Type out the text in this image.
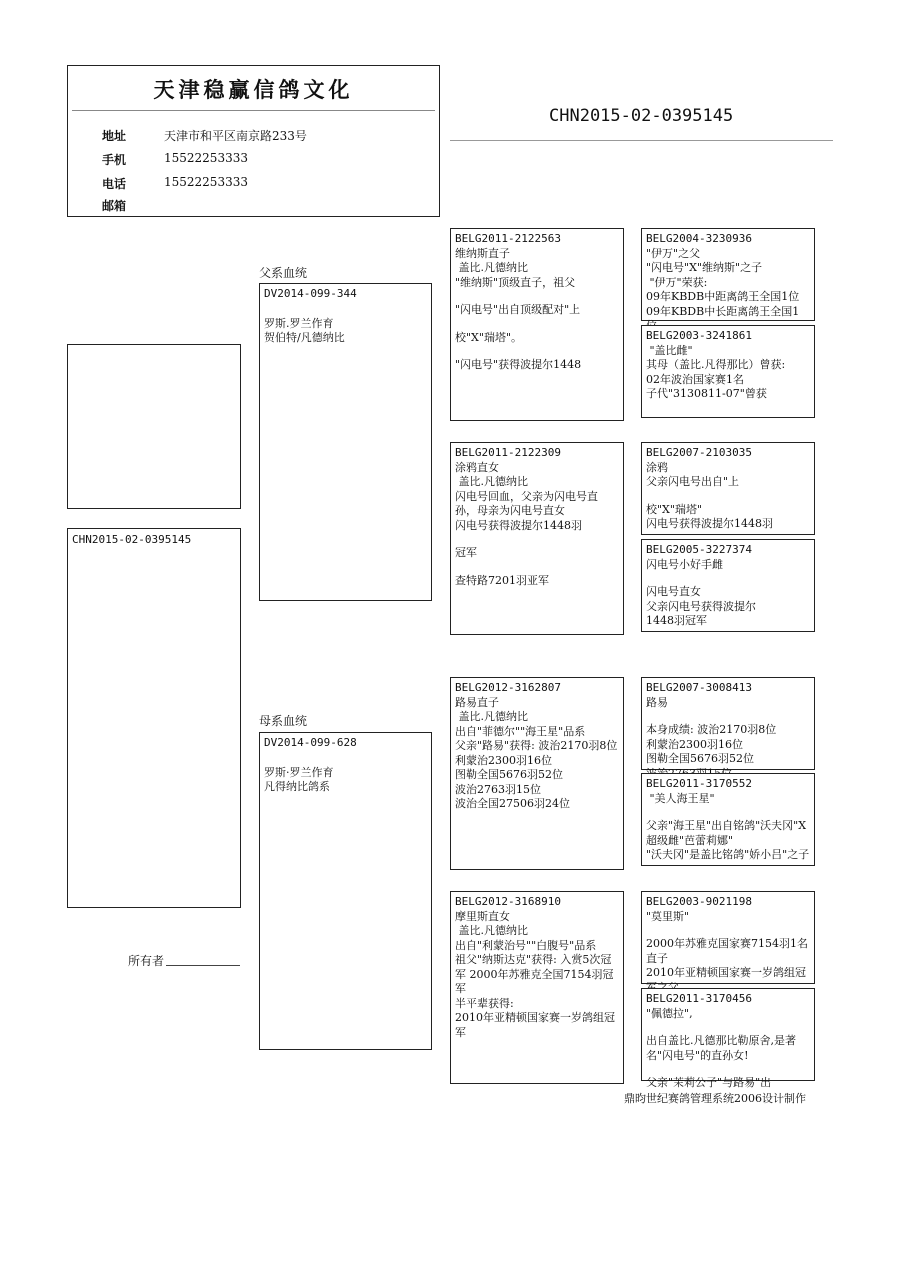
天津稳赢信鸽文化
地址	天津市和平区南京路233号
手机	15522253333
电话	15522253333
邮箱
CHN2015-02-0395145
CHN2015-02-0395145
所有者
父系血统
母系血统
DV2014-099-344
罗斯.罗兰作育
贺伯特/凡德纳比
DV2014-099-628
罗斯·罗兰作育
凡得纳比鸽系
BELG2011-2122563
维纳斯直子
盖比.凡德纳比
"维纳斯"顶级直子，祖父
"闪电号"出自顶级配对"上
校"X"瑞塔"。
"闪电号"获得波提尔1448
BELG2011-2122309
涂鸦直女
盖比.凡德纳比
闪电号回血，父亲为闪电号直孙，母亲为闪电号直女
闪电号获得波提尔1448羽
冠军
查特路7201羽亚军
BELG2012-3162807
路易直子
盖比.凡德纳比
出自"菲德尔""海王星"品系
父亲"路易"获得: 波治2170羽8位
利蒙治2300羽16位
图勒全国5676羽52位
波治2763羽15位
波治全国27506羽24位
BELG2012-3168910
摩里斯直女
盖比.凡德纳比
出自"利蒙治号""白腹号"品系
祖父"纳斯达克"获得: 入赏5次冠军 2000年苏雅克全国7154羽冠军
半平辈获得:
2010年亚精顿国家赛一岁鸽组冠军
BELG2004-3230936
"伊万"之父
"闪电号"X"维纳斯"之子
"伊万"荣获:
09年KBDB中距离鸽王全国1位
09年KBDB中长距离鸽王全国1
BELG2003-3241861
"盖比雌"
其母（盖比.凡得那比）曾获:
02年波治国家赛1名
子代"3130811-07"曾获
BELG2007-2103035
涂鸦
父亲闪电号出自"上
校"X"瑞塔"
闪电号获得波提尔1448羽
BELG2005-3227374
闪电号小好手雌
闪电号直女
父亲闪电号获得波提尔
1448羽冠军
BELG2007-3008413
路易
本身成绩: 波治2170羽8位
利蒙治2300羽16位
图勒全国5676羽52位
BELG2011-3170552
"美人海王星"
父亲"海王星"出自铭鸽"沃夫冈"X超级雌"芭蕾莉娜"
"沃夫冈"是盖比铭鸽"娇小吕"之子
BELG2003-9021198
"莫里斯"
2000年苏雅克国家赛7154羽1名直子
2010年亚精顿国家赛一岁鸽组冠
BELG2011-3170456
"佩德拉",
出自盖比.凡德那比勒原舍,是著名"闪电号"的直孙女!
父亲"茉莉公子"与路易"出
鼎昀世纪赛鸽管理系统2006设计制作
